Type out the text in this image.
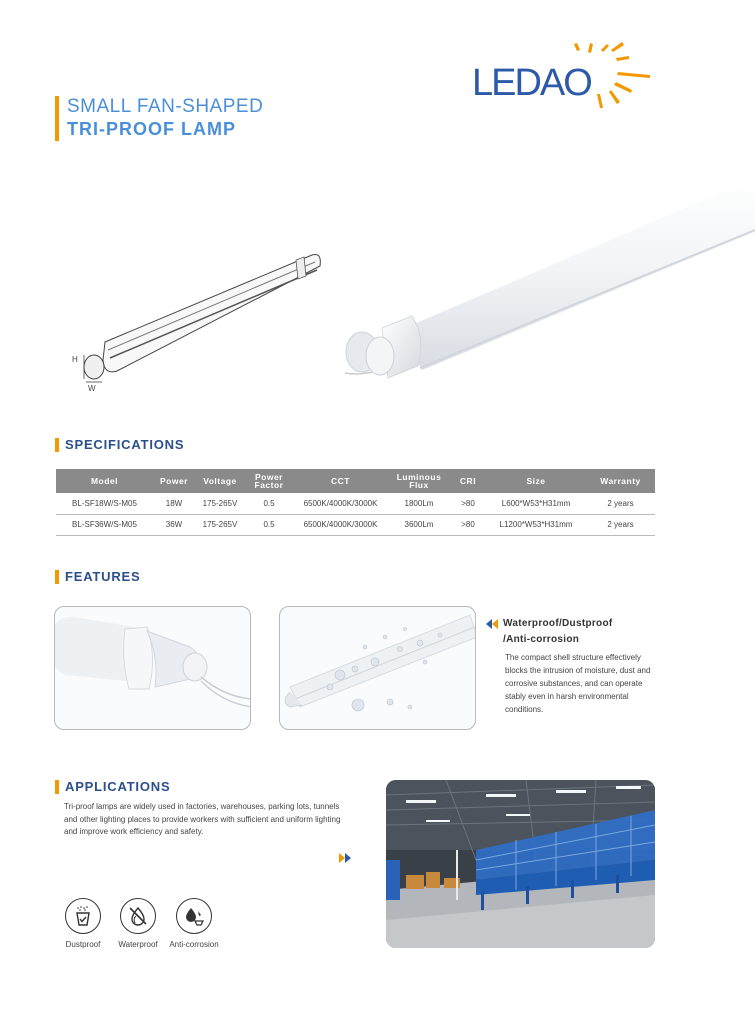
LEDAO
SMALL FAN-SHAPED
TRI-PROOF LAMP
H
W
SPECIFICATIONS
Model	Power	Voltage	Power Factor	CCT	Luminous Flux	CRI	Size	Warranty
BL-SF18W/S-M05	18W	175-265V	0.5	6500K/4000K/3000K	1800Lm	>80	L600*W53*H31mm	2 years
BL-SF36W/S-M05	36W	175-265V	0.5	6500K/4000K/3000K	3600Lm	>80	L1200*W53*H31mm	2 years
FEATURES
Waterproof/Dustproof
/Anti-corrosion
The compact shell structure effectively blocks the intrusion of moisture, dust and corrosive substances, and can operate stably even in harsh environmental conditions.
APPLICATIONS
Tri-proof lamps are widely used in factories, warehouses, parking lots, tunnels and other lighting places to provide workers with sufficient and uniform lighting and improve work efficiency and safety.
Dustproof	Waterproof	Anti-corrosion
